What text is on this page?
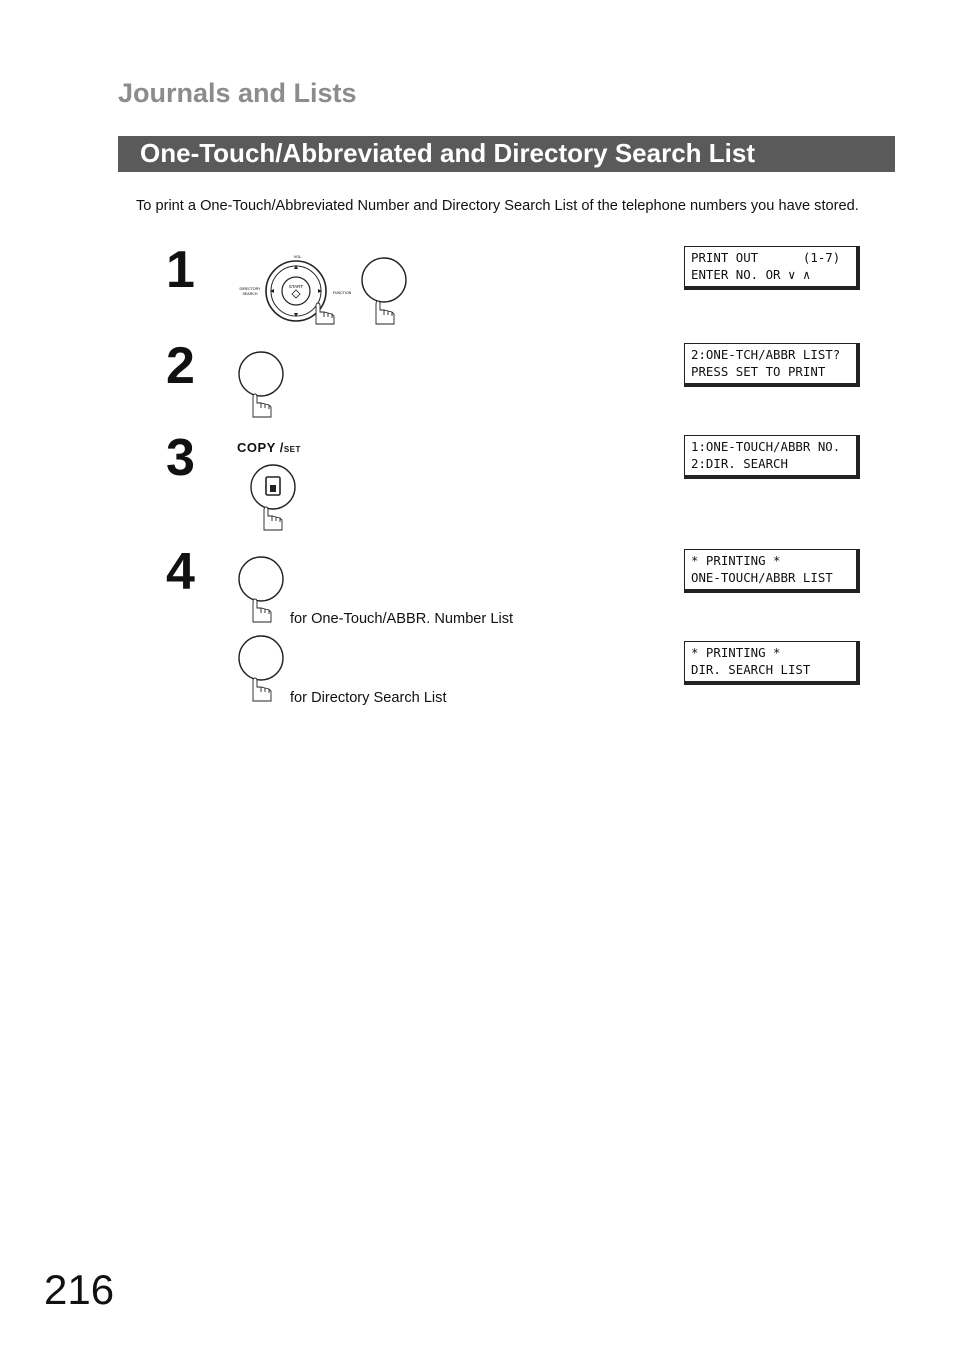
Journals and Lists
One-Touch/Abbreviated and Directory Search List
To print a One-Touch/Abbreviated Number and Directory Search List of the telephone numbers you have stored.
1
2
3
4
START
VOL.
DIRECTORY
SEARCH	FUNCTION
COPY /SET
for One-Touch/ABBR. Number List
for Directory Search List
PRINT OUT      (1-7)
ENTER NO. OR ∨ ∧
2:ONE-TCH/ABBR LIST?
PRESS SET TO PRINT
1:ONE-TOUCH/ABBR NO.
2:DIR. SEARCH
* PRINTING *
ONE-TOUCH/ABBR LIST
* PRINTING *
DIR. SEARCH LIST
216
